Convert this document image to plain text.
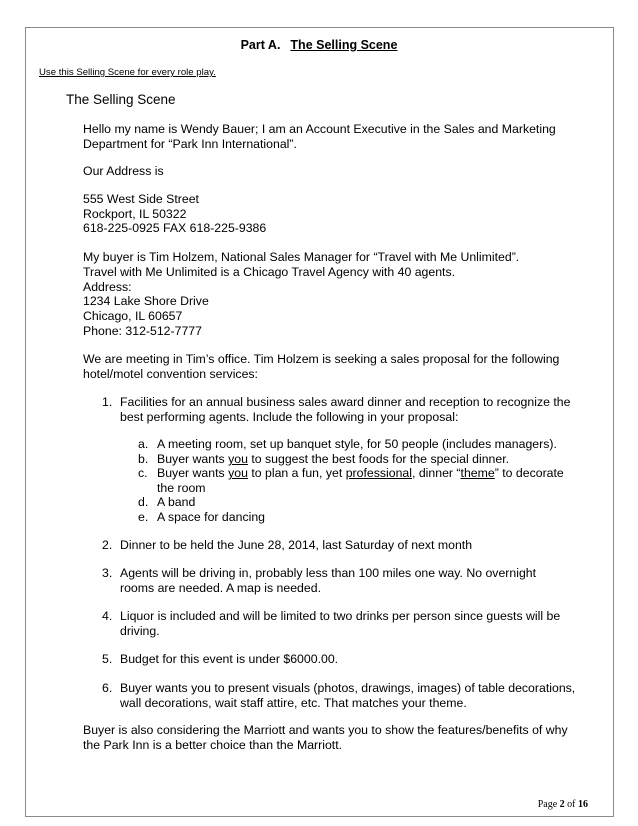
Part A. The Selling Scene
Use this Selling Scene for every role play.
The Selling Scene
Hello my name is Wendy Bauer; I am an Account Executive in the Sales and Marketing
Department for “Park Inn International”.
Our Address is
555 West Side Street
Rockport, IL 50322
618-225-0925 FAX 618-225-9386
My buyer is Tim Holzem, National Sales Manager for “Travel with Me Unlimited”.
Travel with Me Unlimited is a Chicago Travel Agency with 40 agents.
Address:
1234 Lake Shore Drive
Chicago, IL 60657
Phone: 312-512-7777
We are meeting in Tim’s office. Tim Holzem is seeking a sales proposal for the following
hotel/motel convention services:
1. Facilities for an annual business sales award dinner and reception to recognize the
best performing agents. Include the following in your proposal:
a. A meeting room, set up banquet style, for 50 people (includes managers).
b. Buyer wants you to suggest the best foods for the special dinner.
c. Buyer wants you to plan a fun, yet professional, dinner “theme” to decorate
the room
d. A band
e. A space for dancing
2. Dinner to be held the June 28, 2014, last Saturday of next month
3. Agents will be driving in, probably less than 100 miles one way. No overnight
rooms are needed. A map is needed.
4. Liquor is included and will be limited to two drinks per person since guests will be
driving.
5. Budget for this event is under $6000.00.
6. Buyer wants you to present visuals (photos, drawings, images) of table decorations,
wall decorations, wait staff attire, etc. That matches your theme.
Buyer is also considering the Marriott and wants you to show the features/benefits of why
the Park Inn is a better choice than the Marriott.
Page 2 of 16
